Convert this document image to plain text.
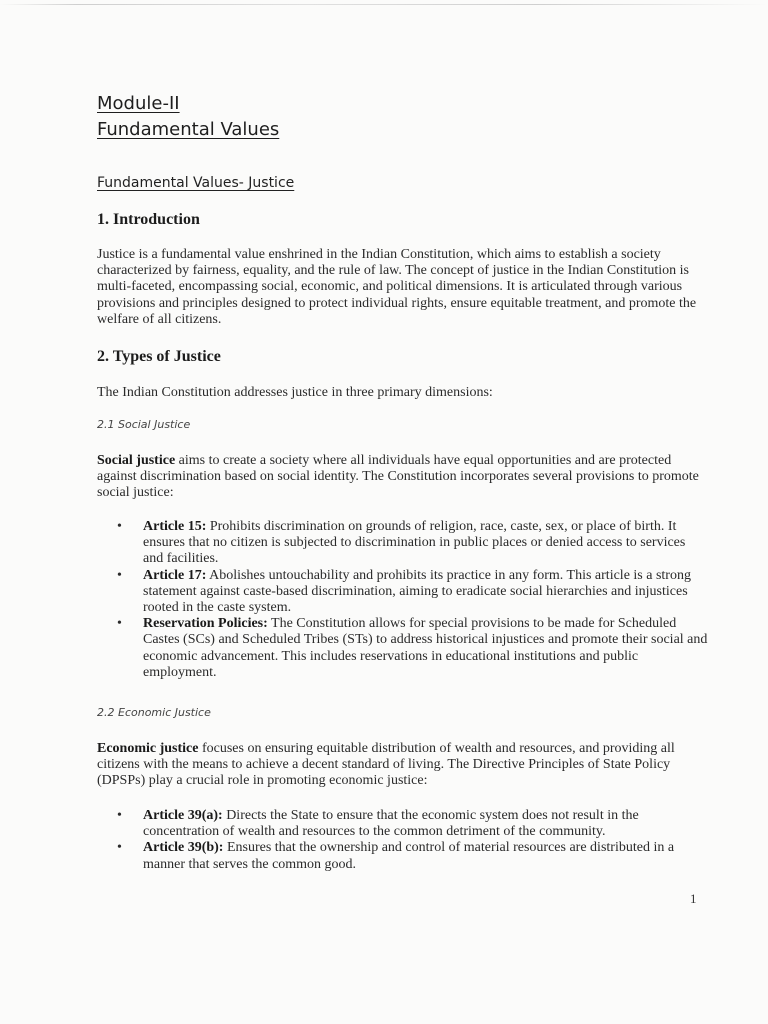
Module-II
Fundamental Values
Fundamental Values- Justice
1. Introduction
Justice is a fundamental value enshrined in the Indian Constitution, which aims to establish a society characterized by fairness, equality, and the rule of law. The concept of justice in the Indian Constitution is multi-faceted, encompassing social, economic, and political dimensions. It is articulated through various provisions and principles designed to protect individual rights, ensure equitable treatment, and promote the welfare of all citizens.
2. Types of Justice
The Indian Constitution addresses justice in three primary dimensions:
2.1 Social Justice
Social justice aims to create a society where all individuals have equal opportunities and are protected against discrimination based on social identity. The Constitution incorporates several provisions to promote social justice:
• Article 15: Prohibits discrimination on grounds of religion, race, caste, sex, or place of birth. It ensures that no citizen is subjected to discrimination in public places or denied access to services and facilities.
• Article 17: Abolishes untouchability and prohibits its practice in any form. This article is a strong statement against caste-based discrimination, aiming to eradicate social hierarchies and injustices rooted in the caste system.
• Reservation Policies: The Constitution allows for special provisions to be made for Scheduled Castes (SCs) and Scheduled Tribes (STs) to address historical injustices and promote their social and economic advancement. This includes reservations in educational institutions and public employment.
2.2 Economic Justice
Economic justice focuses on ensuring equitable distribution of wealth and resources, and providing all citizens with the means to achieve a decent standard of living. The Directive Principles of State Policy (DPSPs) play a crucial role in promoting economic justice:
• Article 39(a): Directs the State to ensure that the economic system does not result in the concentration of wealth and resources to the common detriment of the community.
• Article 39(b): Ensures that the ownership and control of material resources are distributed in a manner that serves the common good.
1
